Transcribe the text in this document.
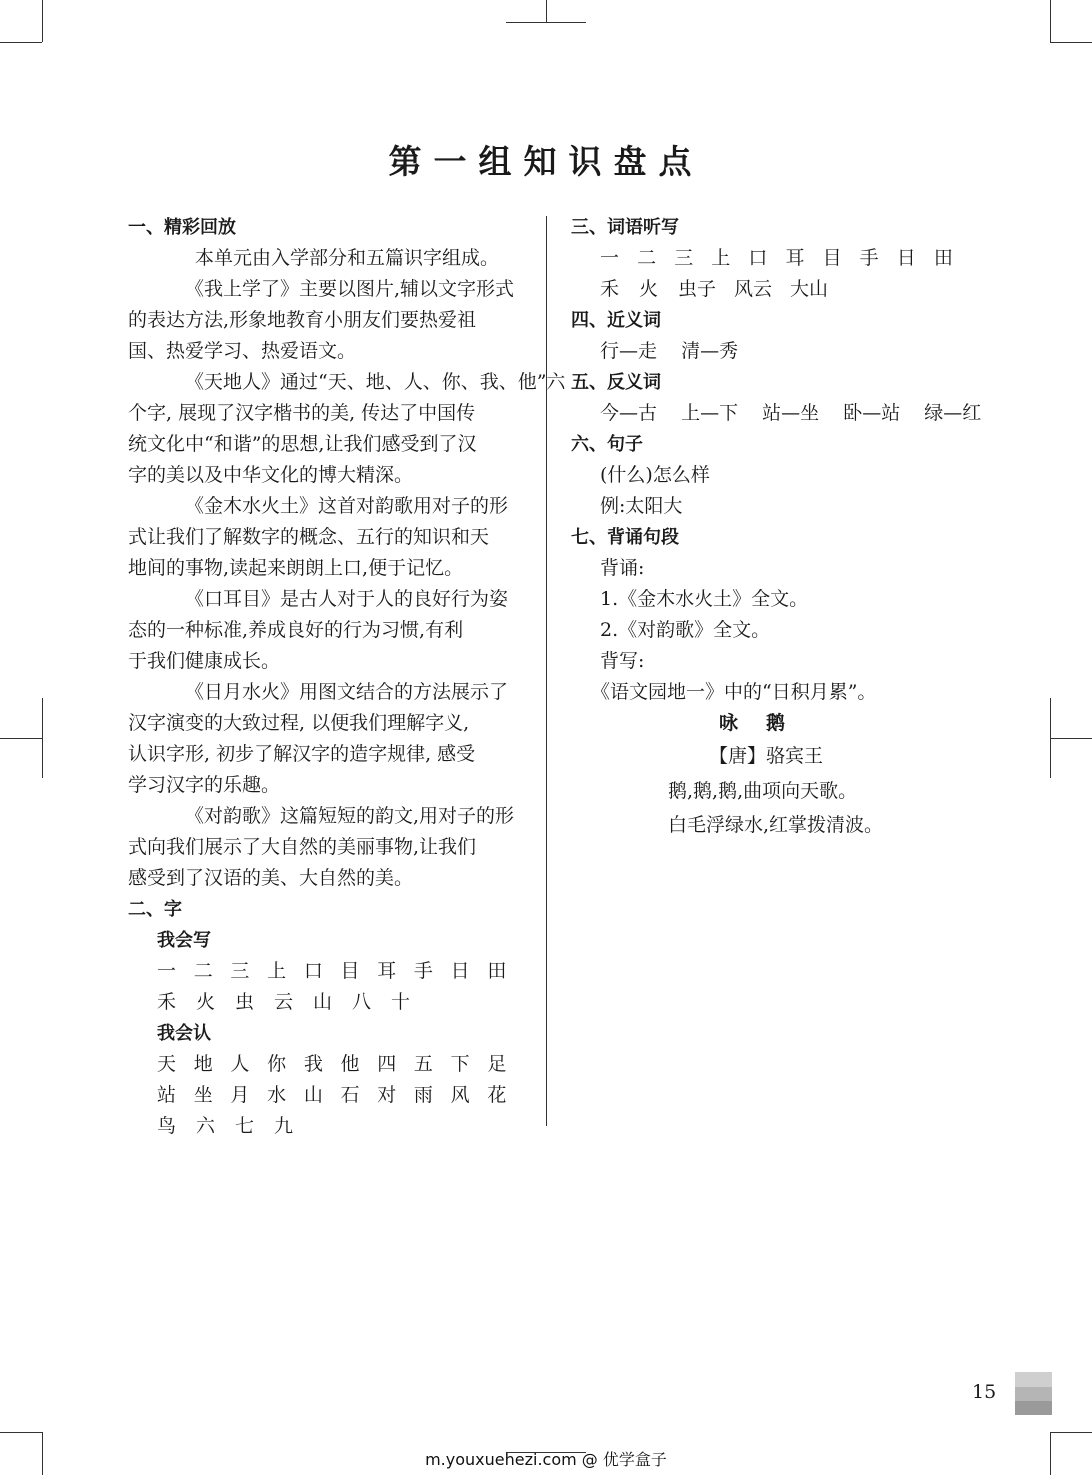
第一组知识盘点
一、精彩回放
本单元由入学部分和五篇识字组成。
《我上学了》主要以图片,辅以文字形式
的表达方法,形象地教育小朋友们要热爱祖
国、热爱学习、热爱语文。
《天地人》通过“天、地、人、你、我、他”六
个字, 展现了汉字楷书的美, 传达了中国传
统文化中“和谐”的思想,让我们感受到了汉
字的美以及中华文化的博大精深。
《金木水火土》这首对韵歌用对子的形
式让我们了解数字的概念、五行的知识和天
地间的事物,读起来朗朗上口,便于记忆。
《口耳目》是古人对于人的良好行为姿
态的一种标准,养成良好的行为习惯,有利
于我们健康成长。
《日月水火》用图文结合的方法展示了
汉字演变的大致过程, 以便我们理解字义,
认识字形, 初步了解汉字的造字规律, 感受
学习汉字的乐趣。
《对韵歌》这篇短短的韵文,用对子的形
式向我们展示了大自然的美丽事物,让我们
感受到了汉语的美、大自然的美。
二、字
我会写
一 二 三 上 口 目 耳 手 日 田
禾	火	虫	云	山	八	十
我会认
天 地 人 你 我 他 四 五 下 足
站 坐 月 水 山 石 对 雨 风 花
鸟	六	七	九
三、词语听写
一 二 三 上 口 耳 目 手 日 田
禾	火	虫子 风云 大山
四、近义词
行—走 清—秀
五、反义词
今—古 上—下 站—坐 卧—站 绿—红
六、句子
(什么)怎么样
例:太阳大
七、背诵句段
背诵:
1.《金木水火土》全文。
2.《对韵歌》全文。
背写:
《语文园地一》中的“日积月累”。
咏鹅
【唐】骆宾王
鹅,鹅,鹅,曲项向天歌。
白毛浮绿水,红掌拨清波。
15
m.youxuehezi.com @ 优学盒子
